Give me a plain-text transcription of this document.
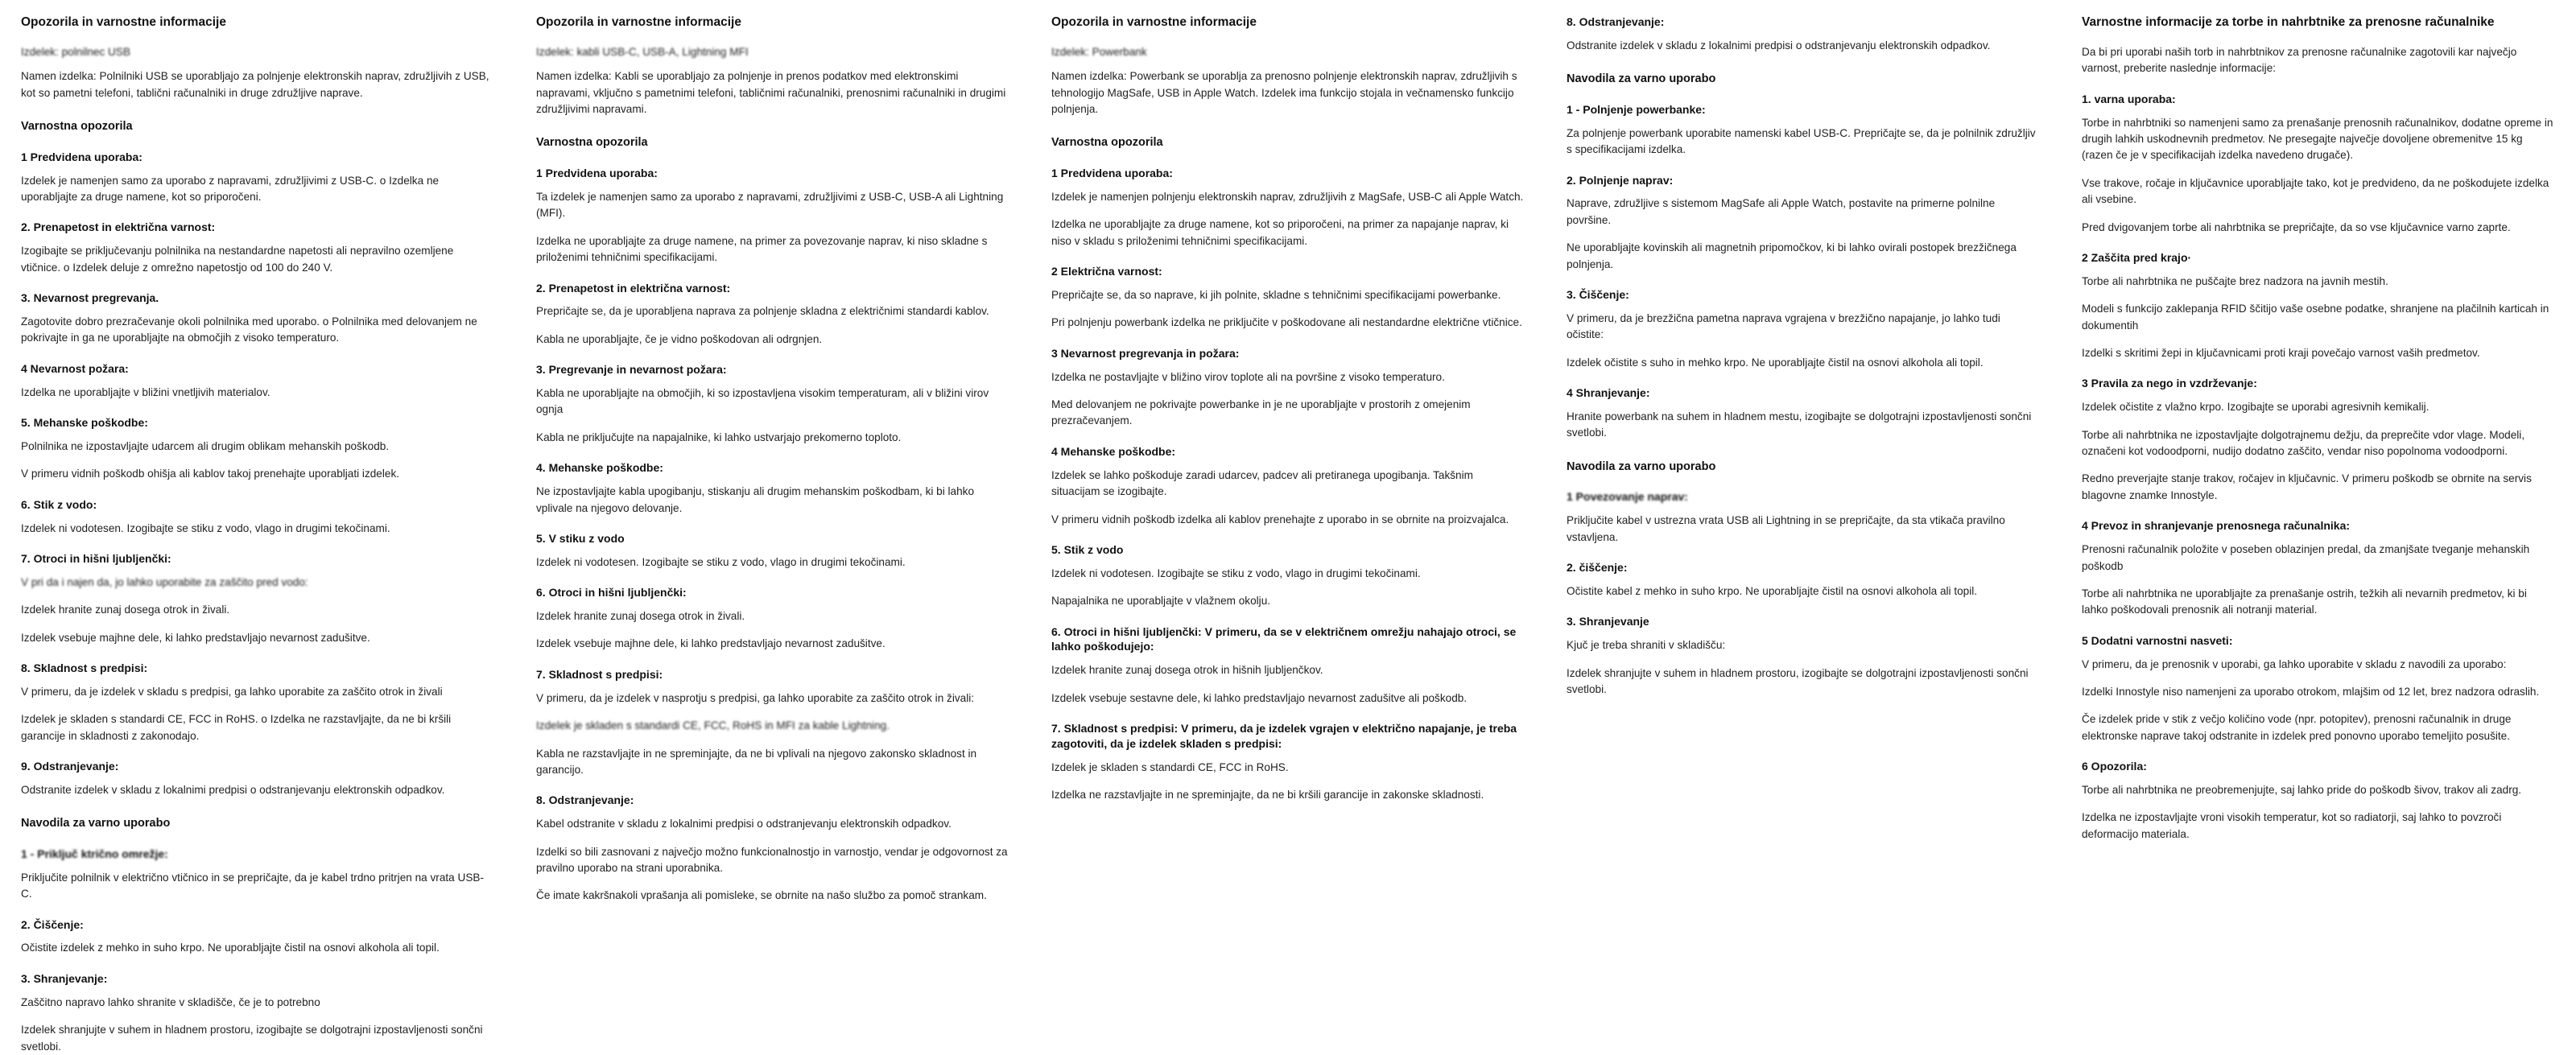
Opozorila in varnostne informacije

Izdelek: polnilnec USB

Namen izdelka: Polnilniki USB se uporabljajo za polnjenje elektronskih naprav, združljivih z USB, kot so pametni telefoni, tablični računalniki in druge združljive naprave.

Varnostna opozorila
1 Predvidena uporaba:

Izdelek je namenjen samo za uporabo z napravami, združljivimi z USB-C. o Izdelka ne uporabljajte za druge namene, kot so priporočeni.

2. Prenapetost in električna varnost:

Izogibajte se priključevanju polnilnika na nestandardne napetosti ali nepravilno ozemljene vtičnice. o Izdelek deluje z omrežno napetostjo od 100 do 240 V.

3. Nevarnost pregrevanja.

Zagotovite dobro prezračevanje okoli polnilnika med uporabo. o Polnilnika med delovanjem ne pokrivajte in ga ne uporabljajte na območjih z visoko temperaturo.

4 Nevarnost požara:

Izdelka ne uporabljajte v bližini vnetljivih materialov.

5. Mehanske poškodbe:

Polnilnika ne izpostavljajte udarcem ali drugim oblikam mehanskih poškodb.

V primeru vidnih poškodb ohišja ali kablov takoj prenehajte uporabljati izdelek.

6. Stik z vodo:

Izdelek ni vodotesen. Izogibajte se stiku z vodo, vlago in drugimi tekočinami.

7. Otroci in hišni ljubljenčki:

V pri da i najen da, jo lahko uporabite za zaščito pred vodo:

Izdelek hranite zunaj dosega otrok in živali.

Izdelek vsebuje majhne dele, ki lahko predstavljajo nevarnost zadušitve.

8. Skladnost s predpisi:

V primeru, da je izdelek v skladu s predpisi, ga lahko uporabite za zaščito otrok in živali

Izdelek je skladen s standardi CE, FCC in RoHS. o Izdelka ne razstavljajte, da ne bi kršili garancije in skladnosti z zakonodajo.

9. Odstranjevanje:

Odstranite izdelek v skladu z lokalnimi predpisi o odstranjevanju elektronskih odpadkov.

Navodila za varno uporabo
1 - Priključ ktrično omrežje:

Priključite polnilnik v električno vtičnico in se prepričajte, da je kabel trdno pritrjen na vrata USB-C.

2. Čiščenje:

Očistite izdelek z mehko in suho krpo. Ne uporabljajte čistil na osnovi alkohola ali topil.

3. Shranjevanje:

Zaščitno napravo lahko shranite v skladišče, če je to potrebno

Izdelek shranjujte v suhem in hladnem prostoru, izogibajte se dolgotrajni izpostavljenosti sončni svetlobi.

Opozorila in varnostne informacije

Izdelek: kabli USB-C, USB-A, Lightning MFI

Namen izdelka: Kabli se uporabljajo za polnjenje in prenos podatkov med elektronskimi napravami, vključno s pametnimi telefoni, tabličnimi računalniki, prenosnimi računalniki in drugimi združljivimi napravami.

Varnostna opozorila
1 Predvidena uporaba:

Ta izdelek je namenjen samo za uporabo z napravami, združljivimi z USB-C, USB-A ali Lightning (MFI).

Izdelka ne uporabljajte za druge namene, na primer za povezovanje naprav, ki niso skladne s priloženimi tehničnimi specifikacijami.

2. Prenapetost in električna varnost:

Prepričajte se, da je uporabljena naprava za polnjenje skladna z električnimi standardi kablov.

Kabla ne uporabljajte, če je vidno poškodovan ali odrgnjen.

3. Pregrevanje in nevarnost požara:

Kabla ne uporabljajte na območjih, ki so izpostavljena visokim temperaturam, ali v bližini virov ognja

Kabla ne priključujte na napajalnike, ki lahko ustvarjajo prekomerno toploto.

4. Mehanske poškodbe:

Ne izpostavljajte kabla upogibanju, stiskanju ali drugim mehanskim poškodbam, ki bi lahko vplivale na njegovo delovanje.

5. V stiku z vodo

Izdelek ni vodotesen. Izogibajte se stiku z vodo, vlago in drugimi tekočinami.

6. Otroci in hišni ljubljenčki:

Izdelek hranite zunaj dosega otrok in živali.

Izdelek vsebuje majhne dele, ki lahko predstavljajo nevarnost zadušitve.

7. Skladnost s predpisi:

V primeru, da je izdelek v nasprotju s predpisi, ga lahko uporabite za zaščito otrok in živali:

Izdelek je skladen s standardi CE, FCC, RoHS in MFI za kable Lightning.

Kabla ne razstavljajte in ne spreminjajte, da ne bi vplivali na njegovo zakonsko skladnost in garancijo.

8. Odstranjevanje:

Kabel odstranite v skladu z lokalnimi predpisi o odstranjevanju elektronskih odpadkov.

Izdelki so bili zasnovani z največjo možno funkcionalnostjo in varnostjo, vendar je odgovornost za pravilno uporabo na strani uporabnika.

Če imate kakršnakoli vprašanja ali pomisleke, se obrnite na našo službo za pomoč strankam.

Opozorila in varnostne informacije

Izdelek: Powerbank

Namen izdelka: Powerbank se uporablja za prenosno polnjenje elektronskih naprav, združljivih s tehnologijo MagSafe, USB in Apple Watch. Izdelek ima funkcijo stojala in večnamensko funkcijo polnjenja.

Varnostna opozorila
1 Predvidena uporaba:

Izdelek je namenjen polnjenju elektronskih naprav, združljivih z MagSafe, USB-C ali Apple Watch.

Izdelka ne uporabljajte za druge namene, kot so priporočeni, na primer za napajanje naprav, ki niso v skladu s priloženimi tehničnimi specifikacijami.

2 Električna varnost:

Prepričajte se, da so naprave, ki jih polnite, skladne s tehničnimi specifikacijami powerbanke.

Pri polnjenju powerbank izdelka ne priključite v poškodovane ali nestandardne električne vtičnice.

3 Nevarnost pregrevanja in požara:

Izdelka ne postavljajte v bližino virov toplote ali na površine z visoko temperaturo.

Med delovanjem ne pokrivajte powerbanke in je ne uporabljajte v prostorih z omejenim prezračevanjem.

4 Mehanske poškodbe:

Izdelek se lahko poškoduje zaradi udarcev, padcev ali pretiranega upogibanja. Takšnim situacijam se izogibajte.

V primeru vidnih poškodb izdelka ali kablov prenehajte z uporabo in se obrnite na proizvajalca.

5. Stik z vodo

Izdelek ni vodotesen. Izogibajte se stiku z vodo, vlago in drugimi tekočinami.

Napajalnika ne uporabljajte v vlažnem okolju.

6. Otroci in hišni ljubljenčki: V primeru, da se v električnem omrežju nahajajo otroci, se lahko poškodujejo:

Izdelek hranite zunaj dosega otrok in hišnih ljubljenčkov.

Izdelek vsebuje sestavne dele, ki lahko predstavljajo nevarnost zadušitve ali poškodb.

7. Skladnost s predpisi: V primeru, da je izdelek vgrajen v električno napajanje, je treba zagotoviti, da je izdelek skladen s predpisi:

Izdelek je skladen s standardi CE, FCC in RoHS.

Izdelka ne razstavljajte in ne spreminjajte, da ne bi kršili garancije in zakonske skladnosti.

8. Odstranjevanje:

Odstranite izdelek v skladu z lokalnimi predpisi o odstranjevanju elektronskih odpadkov.

Navodila za varno uporabo
1 - Polnjenje powerbanke:

Za polnjenje powerbank uporabite namenski kabel USB-C. Prepričajte se, da je polnilnik združljiv s specifikacijami izdelka.

2. Polnjenje naprav:

Naprave, združljive s sistemom MagSafe ali Apple Watch, postavite na primerne polnilne površine.

Ne uporabljajte kovinskih ali magnetnih pripomočkov, ki bi lahko ovirali postopek brezžičnega polnjenja.

3. Čiščenje:

V primeru, da je brezžična pametna naprava vgrajena v brezžično napajanje, jo lahko tudi očistite:

Izdelek očistite s suho in mehko krpo. Ne uporabljajte čistil na osnovi alkohola ali topil.

4 Shranjevanje:

Hranite powerbank na suhem in hladnem mestu, izogibajte se dolgotrajni izpostavljenosti sončni svetlobi.

Navodila za varno uporabo
1 Povezovanje naprav:

Priključite kabel v ustrezna vrata USB ali Lightning in se prepričajte, da sta vtikača pravilno vstavljena.

2. čiščenje:

Očistite kabel z mehko in suho krpo. Ne uporabljajte čistil na osnovi alkohola ali topil.

3. Shranjevanje

Kjuč je treba shraniti v skladišču:

Izdelek shranjujte v suhem in hladnem prostoru, izogibajte se dolgotrajni izpostavljenosti sončni svetlobi.

Varnostne informacije za torbe in nahrbtnike za prenosne računalnike

Da bi pri uporabi naših torb in nahrbtnikov za prenosne računalnike zagotovili kar največjo varnost, preberite naslednje informacije:

1. varna uporaba:

Torbe in nahrbtniki so namenjeni samo za prenašanje prenosnih računalnikov, dodatne opreme in drugih lahkih uskodnevnih predmetov. Ne presegajte največje dovoljene obremenitve 15 kg (razen če je v specifikacijah izdelka navedeno drugače).

Vse trakove, ročaje in ključavnice uporabljajte tako, kot je predvideno, da ne poškodujete izdelka ali vsebine.

Pred dvigovanjem torbe ali nahrbtnika se prepričajte, da so vse ključavnice varno zaprte.

2 Zaščita pred krajo·

Torbe ali nahrbtnika ne puščajte brez nadzora na javnih mestih.

Modeli s funkcijo zaklepanja RFID ščitijo vaše osebne podatke, shranjene na plačilnih karticah in dokumentih

Izdelki s skritimi žepi in ključavnicami proti kraji povečajo varnost vaših predmetov.

3 Pravila za nego in vzdrževanje:

Izdelek očistite z vlažno krpo. Izogibajte se uporabi agresivnih kemikalij.

Torbe ali nahrbtnika ne izpostavljajte dolgotrajnemu dežju, da preprečite vdor vlage. Modeli, označeni kot vodoodporni, nudijo dodatno zaščito, vendar niso popolnoma vodoodporni.

Redno preverjajte stanje trakov, ročajev in ključavnic. V primeru poškodb se obrnite na servis blagovne znamke Innostyle.

4 Prevoz in shranjevanje prenosnega računalnika:

Prenosni računalnik položite v poseben oblazinjen predal, da zmanjšate tveganje mehanskih poškodb

Torbe ali nahrbtnika ne uporabljajte za prenašanje ostrih, težkih ali nevarnih predmetov, ki bi lahko poškodovali prenosnik ali notranji material.

5 Dodatni varnostni nasveti:

V primeru, da je prenosnik v uporabi, ga lahko uporabite v skladu z navodili za uporabo:

Izdelki Innostyle niso namenjeni za uporabo otrokom, mlajšim od 12 let, brez nadzora odraslih.

Če izdelek pride v stik z večjo količino vode (npr. potopitev), prenosni računalnik in druge elektronske naprave takoj odstranite in izdelek pred ponovno uporabo temeljito posušite.

6 Opozorila:

Torbe ali nahrbtnika ne preobremenjujte, saj lahko pride do poškodb šivov, trakov ali zadrg.

Izdelka ne izpostavljajte vroni visokih temperatur, kot so radiatorji, saj lahko to povzroči deformacijo materiala.
